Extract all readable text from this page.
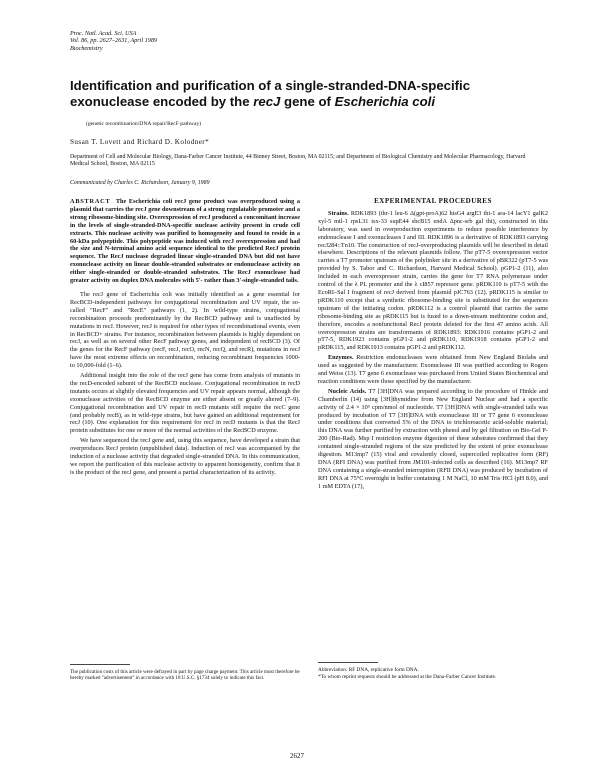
Proc. Natl. Acad. Sci. USA
Vol. 86, pp. 2627–2631, April 1989
Biochemistry
Identification and purification of a single-stranded-DNA-specific exonuclease encoded by the recJ gene of Escherichia coli
(genetic recombination/DNA repair/RecF pathway)
Susan T. Lovett and Richard D. Kolodner*
Department of Cell and Molecular Biology, Dana-Farber Cancer Institute, 44 Binney Street, Boston, MA 02115; and Department of Biological Chemistry and Molecular Pharmacology, Harvard Medical School, Boston, MA 02115
Communicated by Charles C. Richardson, January 9, 1989

ABSTRACT The Escherichia coli recJ gene product was overproduced using a plasmid that carries the recJ gene downstream of a strong regulatable promoter and a strong ribosome-binding site. Overexpression of recJ produced a concomitant increase in the levels of single-stranded-DNA-specific nuclease activity present in crude cell extracts. This nuclease activity was purified to homogeneity and found to reside in a 60-kDa polypeptide. This polypeptide was induced with recJ overexpression and had the size and N-terminal amino acid sequence identical to the predicted RecJ protein sequence. The RecJ nuclease degraded linear single-stranded DNA but did not have exonuclease activity on linear double-stranded substrates or endonuclease activity on either single-stranded or double-stranded substrates. The RecJ exonuclease had greater activity on duplex DNA molecules with 5′- rather than 3′-single-stranded tails.

The recJ gene of Escherichia coli was initially identified as a gene essential for RecBCD-independent pathways for conjugational recombination and UV repair, the so-called "RecF" and "RecE" pathways (1, 2). In wild-type strains, conjugational recombination proceeds predominantly by the RecBCD pathway and is unaffected by mutations in recJ. However, recJ is required for other types of recombinational events, even in RecBCD+ strains. For instance, recombination between plasmids is highly dependent on recJ, as well as on several other RecF pathway genes, and independent of recBCD (3). Of the genes for the RecF pathway (recF, recJ, recO, recN, recQ, and recR), mutations in recJ have the most extreme effects on recombination, reducing recombinant frequencies 1000- to 10,000-fold (1–6).

Additional insight into the role of the recJ gene has come from analysis of mutants in the recD-encoded subunit of the RecBCD nuclease. Conjugational recombination in recD mutants occurs at slightly elevated frequencies and UV repair appears normal, although the exonuclease activities of the RecBCD enzyme are either absent or greatly altered (7–9). Conjugational recombination and UV repair in recD mutants still require the recC gene (and probably recB), as in wild-type strains, but have gained an additional requirement for recJ (10). One explanation for this requirement for recJ in recD mutants is that the RecJ protein substitutes for one or more of the normal activities of the RecBCD enzyme.

We have sequenced the recJ gene and, using this sequence, have developed a strain that overproduces RecJ protein (unpublished data). Induction of recJ was accompanied by the induction of a nuclease activity that degraded single-stranded DNA. In this communication, we report the purification of this nuclease activity to apparent homogeneity, confirm that it is the product of the recJ gene, and present a partial characterization of its activity.

EXPERIMENTAL PROCEDURES

Strains. RDK1893 (thr-1 leu-6 Δ(gpt-proA)62 hisG4 argE3 thi-1 ara-14 lacY1 galK2 xyl-5 mtl-1 rpsL31 tsx-33 supE44 sbcB15 endA Δpnc-srb gal thi), constructed in this laboratory, was used in overproduction experiments to reduce possible interference by endonuclease I and exonucleases I and III. RDK1896 is a derivative of RDK1893 carrying recJ284::Tn10. The construction of recJ-overproducing plasmids will be described in detail elsewhere. Descriptions of the relevant plasmids follow. The pT7-5 overexpression vector carries a T7 promoter upstream of the polylinker site in a derivative of pBR322 (pT7-5 was provided by S. Tabor and C. Richardson, Harvard Medical School). pGP1-2 (11), also included in each overexpresser strain, carries the gene for T7 RNA polymerase under control of the λ PL promoter and the λ cI857 repressor gene. pRDK110 is pT7-5 with the EcoRI–Sal I fragment of recJ derived from plasmid pJC763 (12). pRDK115 is similar to pRDK110 except that a synthetic ribosome-binding site is substituted for the sequences upstream of the initiating codon. pRDK112 is a control plasmid that carries the same ribosome-binding site as pRDK115 but is fused to a down-stream methionine codon and, therefore, encodes a nonfunctional RecJ protein deleted for the first 47 amino acids. All overexpression strains are transformants of RDK1893: RDK1916 contains pGP1-2 and pT7-5, RDK1923 contains pGP1-2 and pRDK110, RDK1918 contains pGP1-2 and pRDK115, and RDK1913 contains pGP1-2 and pRDK112.

Enzymes. Restriction endonucleases were obtained from New England Biolabs and used as suggested by the manufacturer. Exonuclease III was purified according to Rogers and Weiss (13). T7 gene 6 exonuclease was purchased from United States Biochemical and reaction conditions were those specified by the manufacturer.

Nucleic Acids. T7 [3H]DNA was prepared according to the procedure of Hinkle and Chamberlin (14) using [3H]thymidine from New England Nuclear and had a specific activity of 2.4 × 10⁵ cpm/nmol of nucleotide. T7 [3H]DNA with single-stranded tails was produced by incubation of T7 [3H]DNA with exonuclease III or T7 gene 6 exonuclease under conditions that converted 5% of the DNA to trichloroacetic acid-soluble material; this DNA was further purified by extraction with phenol and by gel filtration on Bio-Gel P-200 (Bio-Rad). Msp I restriction enzyme digestion of these substrates confirmed that they contained single-stranded regions of the size predicted by the extent of prior exonuclease digestion. M13mp7 (15) viral and covalently closed, supercoiled replicative form (RF) DNA (RFI DNA) was purified from JM101-infected cells as described (16). M13mp7 RF DNA containing a single-stranded interruption (RFII DNA) was produced by incubation of RFI DNA at 75°C overnight in buffer containing 1 M NaCl, 10 mM Tris·HCl (pH 8.0), and 1 mM EDTA (17),

The publication costs of this article were defrayed in part by page charge payment. This article must therefore be hereby marked "advertisement" in accordance with 18 U.S.C. §1734 solely to indicate this fact.
Abbreviation: RF DNA, replicative form DNA.
*To whom reprint requests should be addressed at the Dana-Farber Cancer Institute.
2627
